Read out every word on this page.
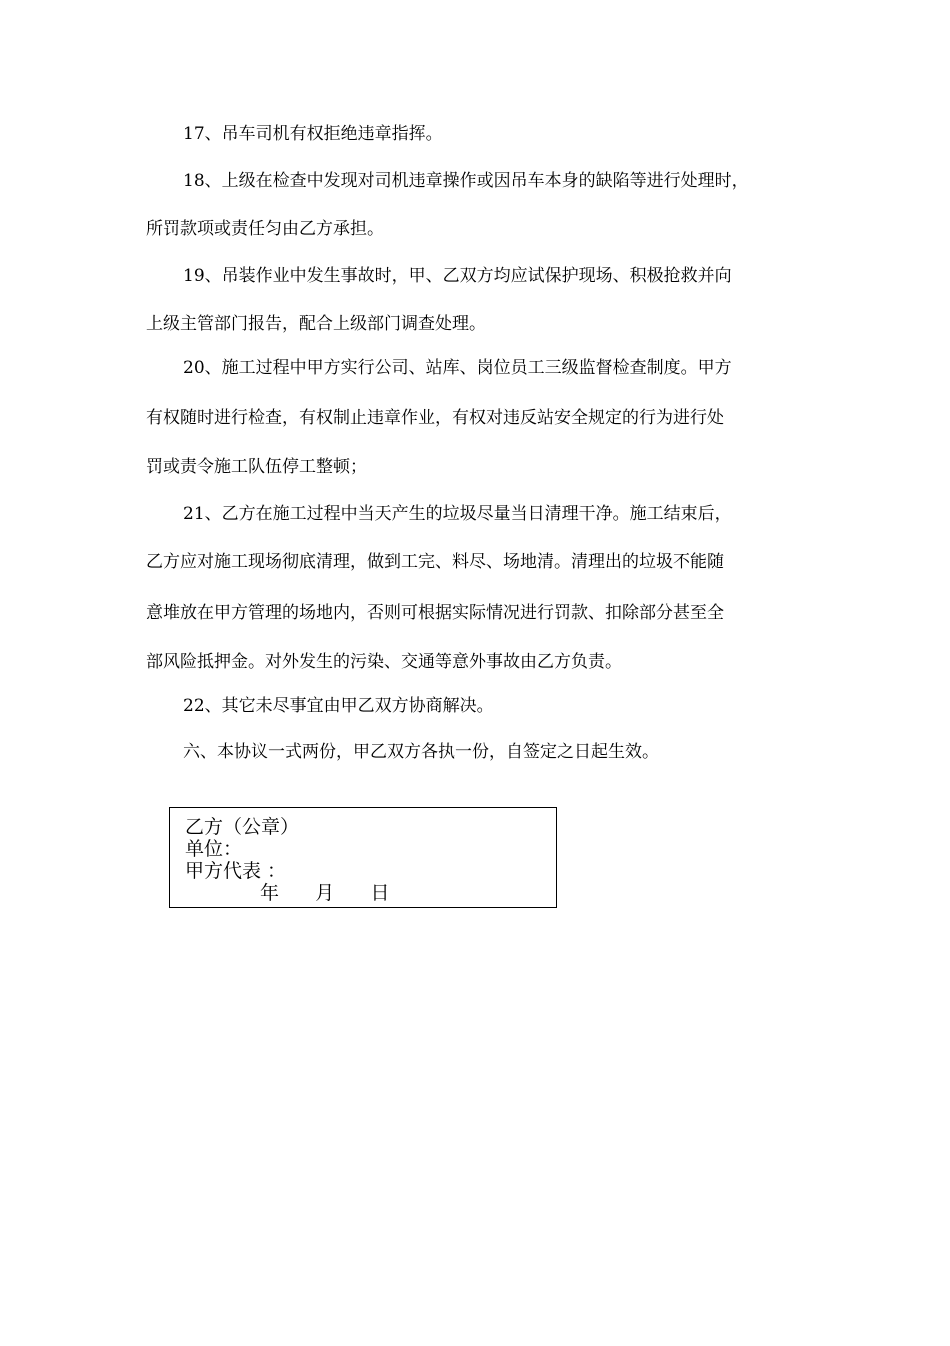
17、吊车司机有权拒绝违章指挥。
18、上级在检查中发现对司机违章操作或因吊车本身的缺陷等进行处理时，
所罚款项或责任匀由乙方承担。
19、吊装作业中发生事故时，甲、乙双方均应试保护现场、积极抢救并向
上级主管部门报告，配合上级部门调查处理。
20、施工过程中甲方实行公司、站库、岗位员工三级监督检查制度。甲方
有权随时进行检查，有权制止违章作业，有权对违反站安全规定的行为进行处
罚或责令施工队伍停工整顿；
21、乙方在施工过程中当天产生的垃圾尽量当日清理干净。施工结束后，
乙方应对施工现场彻底清理，做到工完、料尽、场地清。清理出的垃圾不能随
意堆放在甲方管理的场地内，否则可根据实际情况进行罚款、扣除部分甚至全
部风险抵押金。对外发生的污染、交通等意外事故由乙方负责。
22、其它未尽事宜由甲乙双方协商解决。
六、本协议一式两份，甲乙双方各执一份，自签定之日起生效。
乙方（公章）
单位：
甲方代表 ：
年      月      日
